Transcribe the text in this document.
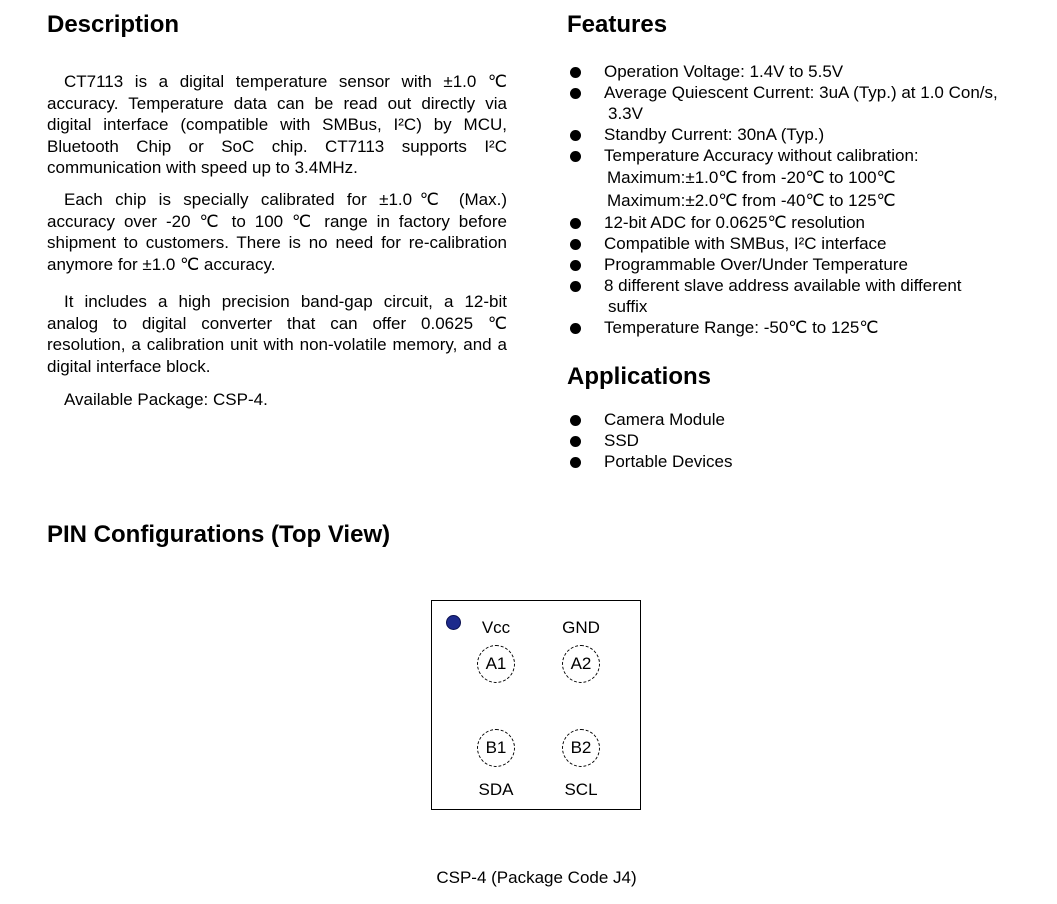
Description

CT7113 is a digital temperature sensor with ±1.0 ℃ accuracy. Temperature data can be read out directly via digital interface (compatible with SMBus, I²C) by MCU, Bluetooth Chip or SoC chip. CT7113 supports I²C communication with speed up to 3.4MHz.

Each chip is specially calibrated for ±1.0℃ (Max.) accuracy over -20 ℃ to 100 ℃ range in factory before shipment to customers. There is no need for re-calibration anymore for ±1.0 ℃ accuracy.

It includes a high precision band-gap circuit, a 12-bit analog to digital converter that can offer 0.0625 ℃ resolution, a calibration unit with non-volatile memory, and a digital interface block.

Available Package: CSP-4.

Features
Operation Voltage: 1.4V to 5.5V
Average Quiescent Current: 3uA (Typ.) at 1.0 Con/s,
3.3V
Standby Current: 30nA (Typ.)
Temperature Accuracy without calibration:
Maximum:±1.0℃ from -20℃ to 100℃
Maximum:±2.0℃ from -40℃ to 125℃
12-bit ADC for 0.0625℃ resolution
Compatible with SMBus, I²C interface
Programmable Over/Under Temperature
8 different slave address available with different
suffix
Temperature Range: -50℃ to 125℃
Applications
Camera Module
SSD
Portable Devices
PIN Configurations (Top View)
Vcc	GND
A1	A2
B1	B2
SDA	SCL
CSP-4 (Package Code J4)
